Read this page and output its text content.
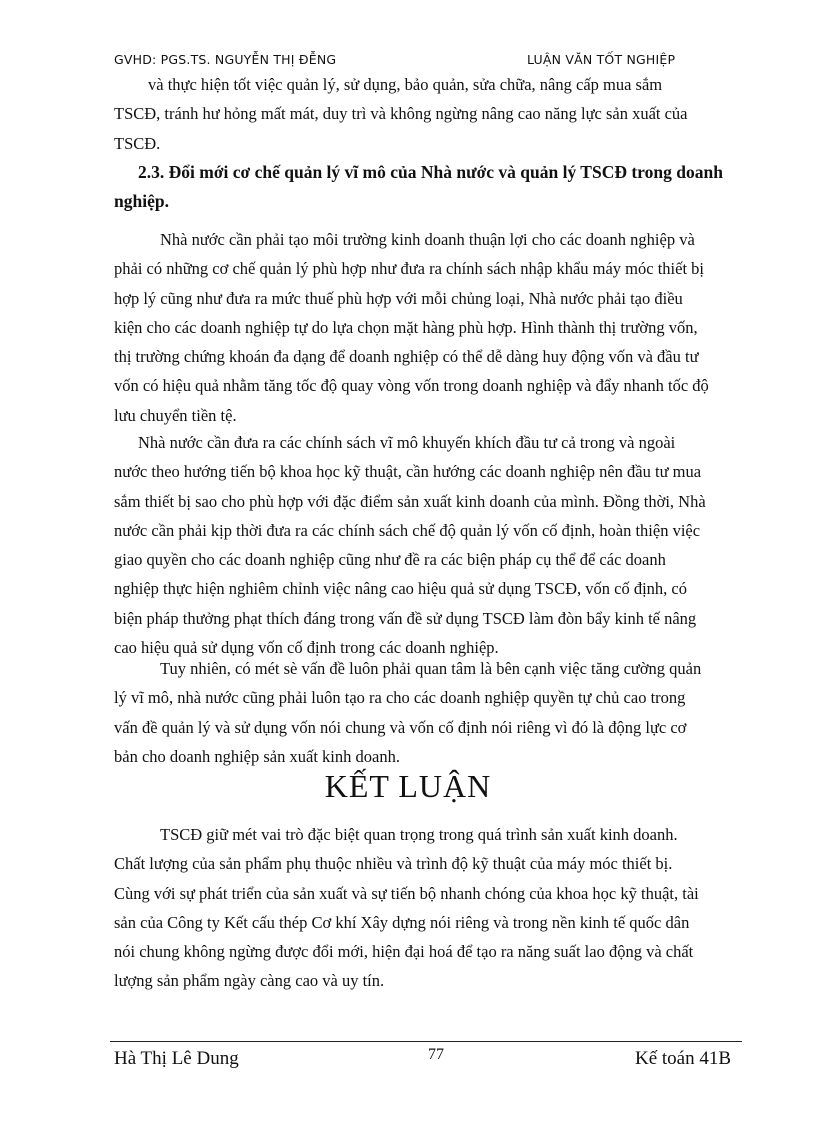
GVHD: PGS.TS. NGUYỄN THỊ ĐỄNG	LUẬN VĂN TỐT NGHIỆP

và thực hiện tốt việc quản lý, sử dụng, bảo quản, sửa chữa, nâng cấp mua sắm
TSCĐ, tránh hư hỏng mất mát, duy trì và không ngừng nâng cao năng lực sản xuất của
TSCĐ.

2.3. Đổi mới cơ chế quản lý vĩ mô của Nhà nước và quản lý TSCĐ trong doanh
nghiệp.

Nhà nước cần phải tạo môi trường kinh doanh thuận lợi cho các doanh nghiệp và
phải có những cơ chế quản lý phù hợp như đưa ra chính sách nhập khẩu máy móc thiết bị
hợp lý cũng như đưa ra mức thuế phù hợp với mỗi chủng loại, Nhà nước phải tạo điều
kiện cho các doanh nghiệp tự do lựa chọn mặt hàng phù hợp. Hình thành thị trường vốn,
thị trường chứng khoán đa dạng để doanh nghiệp có thể dễ dàng huy động vốn và đầu tư
vốn có hiệu quả nhằm tăng tốc độ quay vòng vốn trong doanh nghiệp và đẩy nhanh tốc độ
lưu chuyển tiền tệ.

Nhà nước cần đưa ra các chính sách vĩ mô khuyến khích đầu tư cả trong và ngoài
nước theo hướng tiến bộ khoa học kỹ thuật, cần hướng các doanh nghiệp nên đầu tư mua
sắm thiết bị sao cho phù hợp với đặc điểm sản xuất kinh doanh của mình. Đồng thời, Nhà
nước cần phải kịp thời đưa ra các chính sách chế độ quản lý vốn cố định, hoàn thiện việc
giao quyền cho các doanh nghiệp cũng như đề ra các biện pháp cụ thể để các doanh
nghiệp thực hiện nghiêm chỉnh việc nâng cao hiệu quả sử dụng TSCĐ, vốn cố định, có
biện pháp thưởng phạt thích đáng trong vấn đề sử dụng TSCĐ làm đòn bẩy kinh tế nâng
cao hiệu quả sử dụng vốn cố định trong các doanh nghiệp.

Tuy nhiên, có mét sè vấn đề luôn phải quan tâm là bên cạnh việc tăng cường quản
lý vĩ mô, nhà nước cũng phải luôn tạo ra cho các doanh nghiệp quyền tự chủ cao trong
vấn đề quản lý và sử dụng vốn nói chung và vốn cố định nói riêng vì đó là động lực cơ
bản cho doanh nghiệp sản xuất kinh doanh.

KẾT LUẬN

TSCĐ giữ mét vai trò đặc biệt quan trọng trong quá trình sản xuất kinh doanh.
Chất lượng của sản phẩm phụ thuộc nhiều và trình độ kỹ thuật của máy móc thiết bị.
Cùng với sự phát triển của sản xuất và sự tiến bộ nhanh chóng của khoa học kỹ thuật, tài
sản của Công ty Kết cấu thép Cơ khí Xây dựng nói riêng và trong nền kinh tế quốc dân
nói chung không ngừng được đổi mới, hiện đại hoá để tạo ra năng suất lao động và chất
lượng sản phẩm ngày càng cao và uy tín.

Hà Thị Lê Dung	77	Kế toán 41B
